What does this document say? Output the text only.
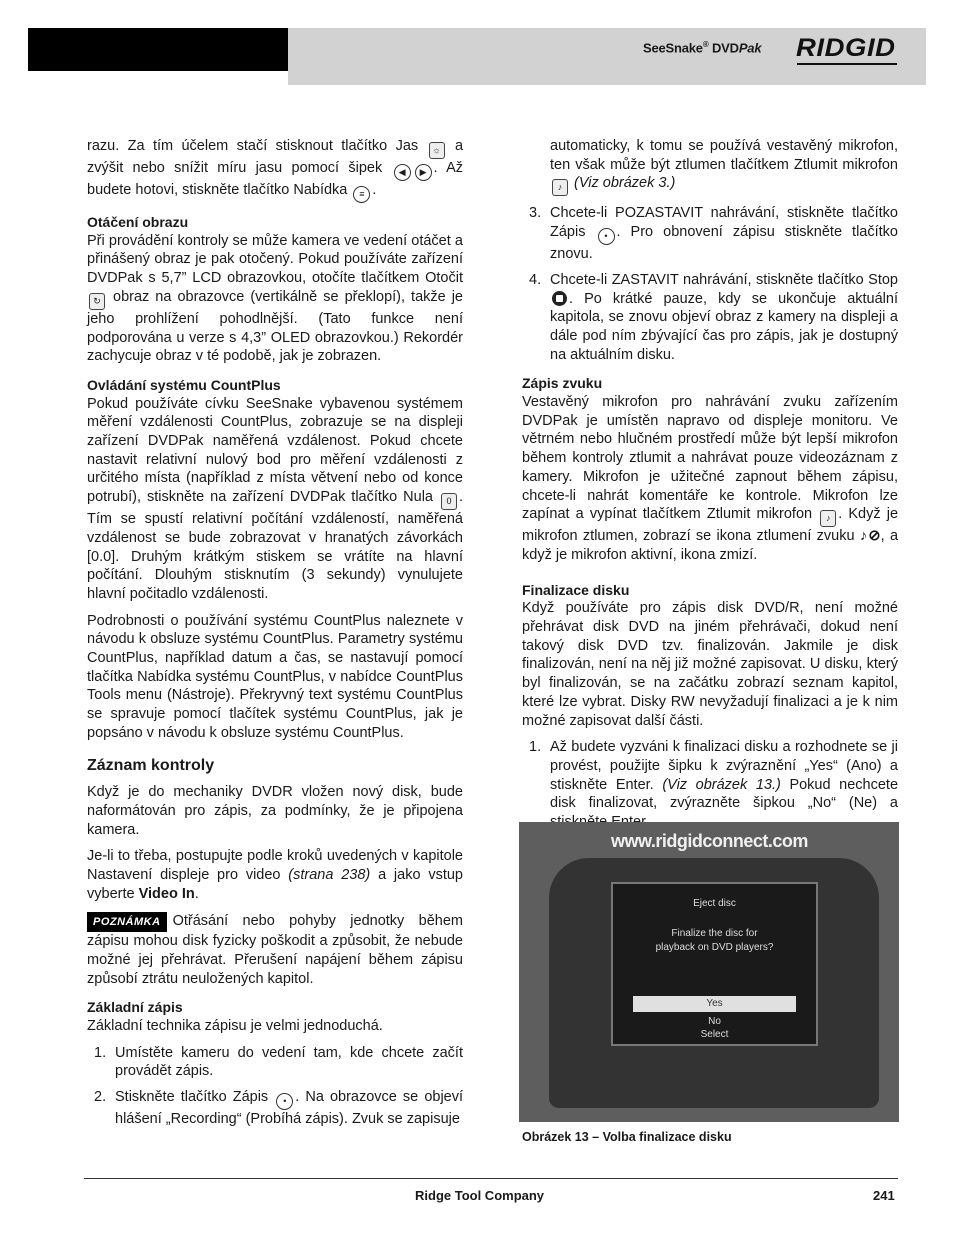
SeeSnake® DVDPak RIDGID

razu. Za tím účelem stačí stisknout tlačítko Jas ☼ a zvýšit nebo snížit míru jasu pomocí šipek ◀ ▶ . Až budete hotovi, stiskněte tlačítko Nabídka ≡ .

Otáčení obrazu

Při provádění kontroly se může kamera ve vedení otáčet a přinášený obraz je pak otočený. Pokud používáte zařízení DVDPak s 5,7” LCD obrazovkou, otočíte tlačítkem Otočit ↻ obraz na obrazovce (vertikálně se překlopí), takže je jeho prohlížení pohodlnější. (Tato funkce není podporována u verze s 4,3” OLED obrazovkou.) Rekordér zachycuje obraz v té podobě, jak je zobrazen.

Ovládání systému CountPlus

Pokud používáte cívku SeeSnake vybavenou systémem měření vzdálenosti CountPlus, zobrazuje se na displeji zařízení DVDPak naměřená vzdálenost. Pokud chcete nastavit relativní nulový bod pro měření vzdálenosti z určitého místa (například z místa větvení nebo od konce potrubí), stiskněte na zařízení DVDPak tlačítko Nula 0 . Tím se spustí relativní počítání vzdáleností, naměřená vzdálenost se bude zobrazovat v hranatých závorkách [0.0]. Druhým krátkým stiskem se vrátíte na hlavní počítání. Dlouhým stisknutím (3 sekundy) vynulujete hlavní počitadlo vzdálenosti.

Podrobnosti o používání systému CountPlus naleznete v návodu k obsluze systému CountPlus. Parametry systému CountPlus, například datum a čas, se nastavují pomocí tlačítka Nabídka systému CountPlus, v nabídce CountPlus Tools menu (Nástroje). Překryvný text systému CountPlus se spravuje pomocí tlačítek systému CountPlus, jak je popsáno v návodu k obsluze systému CountPlus.

Záznam kontroly

Když je do mechaniky DVDR vložen nový disk, bude naformátován pro zápis, za podmínky, že je připojena kamera.

Je-li to třeba, postupujte podle kroků uvedených v kapitole Nastavení displeje pro video (strana 238) a jako vstup vyberte Video In.

POZNÁMKA Otřásání nebo pohyby jednotky během zápisu mohou disk fyzicky poškodit a způsobit, že nebude možné jej přehrávat. Přerušení napájení během zápisu způsobí ztrátu neuložených kapitol.

Základní zápis

Základní technika zápisu je velmi jednoduchá.

1. Umístěte kameru do vedení tam, kde chcete začít provádět zápis.
2. Stiskněte tlačítko Zápis • . Na obrazovce se objeví hlášení „Recording“ (Probíhá zápis). Zvuk se zapisuje
automaticky, k tomu se používá vestavěný mikrofon, ten však může být ztlumen tlačítkem Ztlumit mikrofon ♪ (Viz obrázek 3.)
3. Chcete-li POZASTAVIT nahrávání, stiskněte tlačítko Zápis • . Pro obnovení zápisu stiskněte tlačítko znovu.
4. Chcete-li ZASTAVIT nahrávání, stiskněte tlačítko Stop . Po krátké pauze, kdy se ukončuje aktuální kapitola, se znovu objeví obraz z kamery na displeji a dále pod ním zbývající čas pro zápis, jak je dostupný na aktuálním disku.
Zápis zvuku

Vestavěný mikrofon pro nahrávání zvuku zařízením DVDPak je umístěn napravo od displeje monitoru. Ve větrném nebo hlučném prostředí může být lepší mikrofon během kontroly ztlumit a nahrávat pouze videozáznam z kamery. Mikrofon je užitečné zapnout během zápisu, chcete-li nahrát komentáře ke kontrole. Mikrofon lze zapínat a vypínat tlačítkem Ztlumit mikrofon ♪ . Když je mikrofon ztlumen, zobrazí se ikona ztlumení zvuku ♪⊘, a když je mikrofon aktivní, ikona zmizí.

Finalizace disku

Když používáte pro zápis disk DVD/R, není možné přehrávat disk DVD na jiném přehrávači, dokud není takový disk DVD tzv. finalizován. Jakmile je disk finalizován, není na něj již možné zapisovat. U disku, který byl finalizován, se na začátku zobrazí seznam kapitol, které lze vybrat. Disky RW nevyžadují finalizaci a je k nim možné zapisovat další části.

1. Až budete vyzváni k finalizaci disku a rozhodnete se ji provést, použijte šipku k zvýraznění „Yes“ (Ano) a stiskněte Enter. (Viz obrázek 13.) Pokud nechcete disk finalizovat, zvýrazněte šipkou „No“ (Ne) a
www.ridgidconnect.com
Eject disc
Finalize the disc for
playback on DVD players?
Yes
No
Select
Obrázek 13 – Volba finalizace disku
Ridge Tool Company	241
